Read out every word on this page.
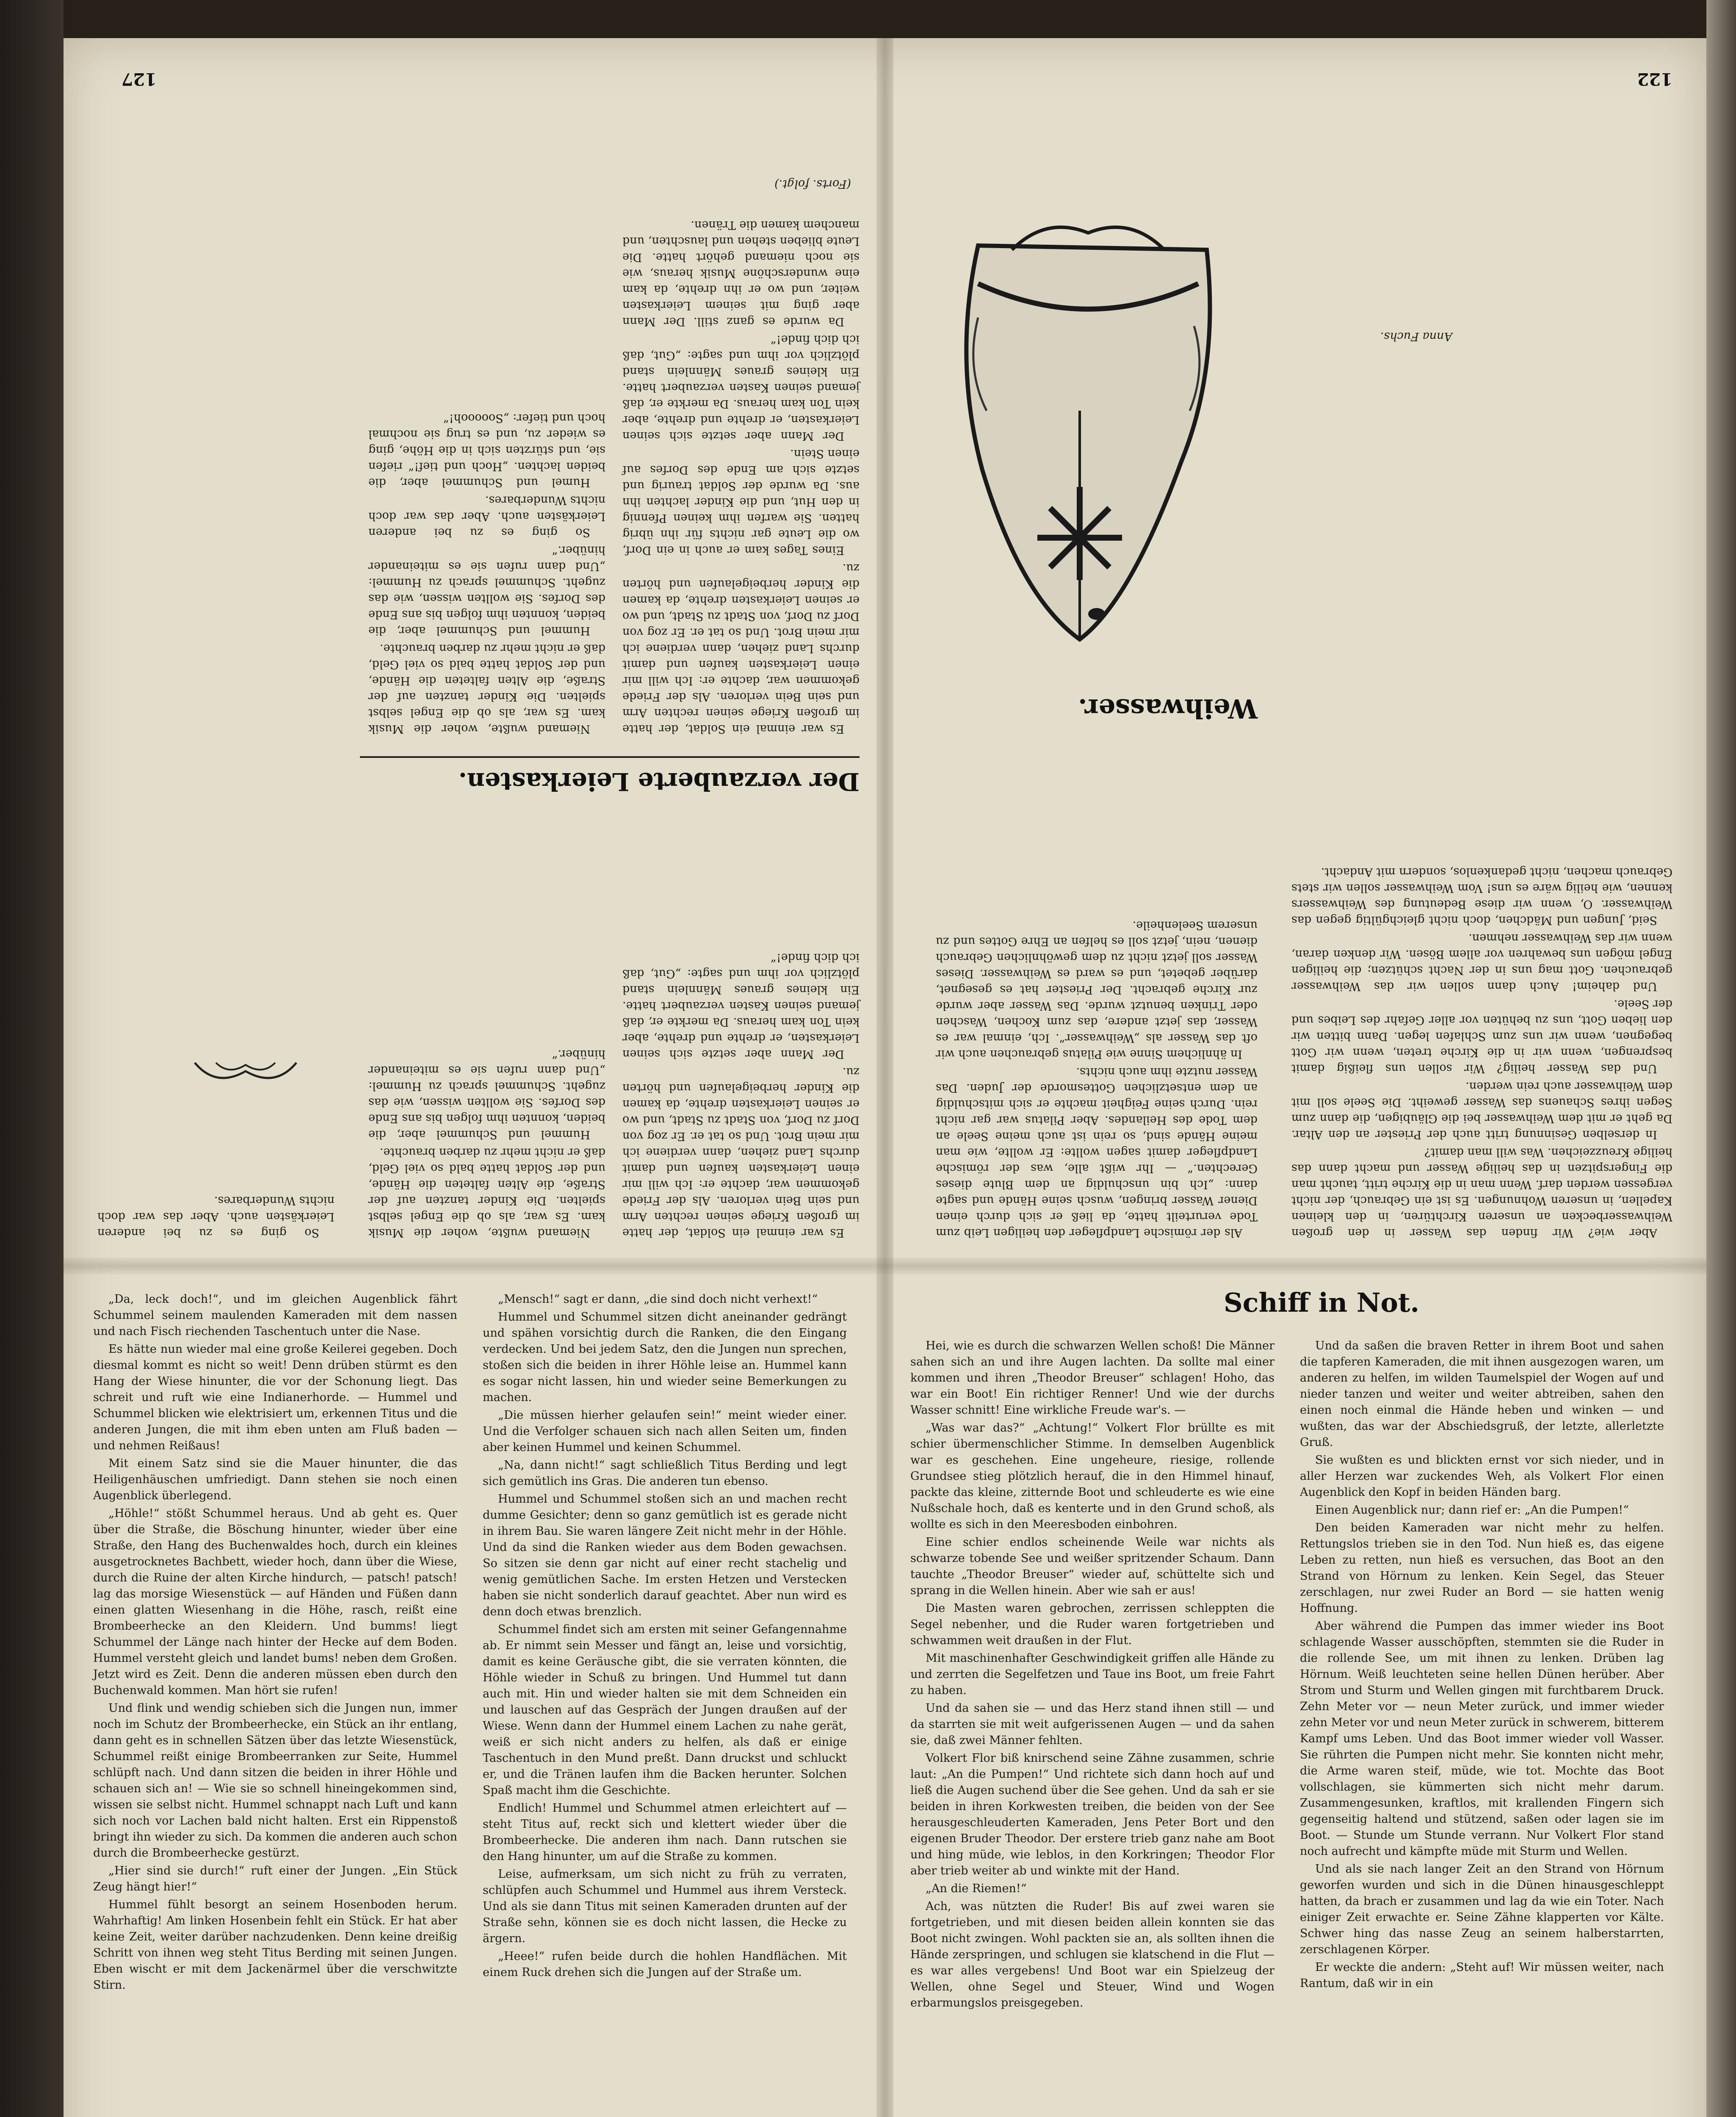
Der verzauberte Leierkasten.

Es war einmal ein Soldat, der hatte im großen Kriege seinen rechten Arm und sein Bein verloren. Als der Friede gekommen war, dachte er: Ich will mir einen Leierkasten kaufen und damit durchs Land ziehen, dann verdiene ich mir mein Brot. Und so tat er. Er zog von Dorf zu Dorf, von Stadt zu Stadt, und wo er seinen Leierkasten drehte, da kamen die Kinder herbeigelaufen und hörten zu.

Eines Tages kam er auch in ein Dorf, wo die Leute gar nichts für ihn übrig hatten. Sie warfen ihm keinen Pfennig in den Hut, und die Kinder lachten ihn aus. Da wurde der Soldat traurig und setzte sich am Ende des Dorfes auf einen Stein.

Der Mann aber setzte sich seinen Leierkasten, er drehte und drehte, aber kein Ton kam heraus. Da merkte er, daß jemand seinen Kasten verzaubert hatte. Ein kleines graues Männlein stand plötzlich vor ihm und sagte: „Gut, daß ich dich finde!“

Da wurde es ganz still. Der Mann aber ging mit seinem Leierkasten weiter, und wo er ihn drehte, da kam eine wunderschöne Musik heraus, wie sie noch niemand gehört hatte. Die Leute blieben stehen und lauschten, und manchem kamen die Tränen.

Niemand wußte, woher die Musik kam. Es war, als ob die Engel selbst spielten. Die Kinder tanzten auf der Straße, die Alten falteten die Hände, und der Soldat hatte bald so viel Geld, daß er nicht mehr zu darben brauchte.

Hummel und Schummel aber, die beiden, konnten ihm folgen bis ans Ende des Dorfes. Sie wollten wissen, wie das zugeht. Schummel sprach zu Hummel: „Und dann rufen sie es miteinander hinüber.“

So ging es zu bei anderen Leierkästen auch. Aber das war doch nichts Wunderbares.

Humel und Schummel aber, die beiden lachten. „Hoch und tief!“ riefen sie, und stürzten sich in die Höhe, ging es wieder zu, und es trug sie nochmal hoch und tiefer: „Soooooh!“

Es war einmal ein Soldat, der hatte im großen Kriege seinen rechten Arm und sein Bein verloren. Als der Friede gekommen war, dachte er: Ich will mir einen Leierkasten kaufen und damit durchs Land ziehen, dann verdiene ich mir mein Brot. Und so tat er. Er zog von Dorf zu Dorf, von Stadt zu Stadt, und wo er seinen Leierkasten drehte, da kamen die Kinder herbeigelaufen und hörten zu.

Der Mann aber setzte sich seinen Leierkasten, er drehte und drehte, aber kein Ton kam heraus. Da merkte er, daß jemand seinen Kasten verzaubert hatte. Ein kleines graues Männlein stand plötzlich vor ihm und sagte: „Gut, daß ich dich finde!“

Niemand wußte, woher die Musik kam. Es war, als ob die Engel selbst spielten. Die Kinder tanzten auf der Straße, die Alten falteten die Hände, und der Soldat hatte bald so viel Geld, daß er nicht mehr zu darben brauchte.

Hummel und Schummel aber, die beiden, konnten ihm folgen bis ans Ende des Dorfes. Sie wollten wissen, wie das zugeht. Schummel sprach zu Hummel: „Und dann rufen sie es miteinander hinüber.“

(Forts. folgt.)

So ging es zu bei anderen Leierkästen auch. Aber das war doch nichts Wunderbares.

127
Weihwasser.

Als der römische Landpfleger den heiligen Leib zum Tode verurteilt hatte, da ließ er sich durch einen Diener Wasser bringen, wusch seine Hände und sagte dann: „Ich bin unschuldig an dem Blute dieses Gerechten.“ — Ihr wißt alle, was der römische Landpfleger damit sagen wollte: Er wollte, wie man meine Hände sind, so rein ist auch meine Seele an dem Tode des Heilandes. Aber Pilatus war gar nicht rein. Durch seine Feigheit machte er sich mitschuldig an dem entsetzlichen Gottesmorde der Juden. Das Wasser nutzte ihm auch nichts.

In ähnlichem Sinne wie Pilatus gebrauchen auch wir oft das Wasser als „Weihwasser“. Ich, einmal war es Wasser, das jetzt andere, das zum Kochen, Waschen oder Trinken benutzt wurde. Das Wasser aber wurde zur Kirche gebracht. Der Priester hat es gesegnet, darüber gebetet, und es ward es Weihwasser. Dieses Wasser soll jetzt nicht zu dem gewöhnlichen Gebrauch dienen, nein, jetzt soll es helfen an Ehre Gottes und zu unserem Seelenheile.

Aber wie? Wir finden das Wasser in den großen Weihwasserbecken an unseren Kirchtüren, in den kleinen Kapellen, in unseren Wohnungen. Es ist ein Gebrauch, der nicht vergessen werden darf. Wenn man in die Kirche tritt, taucht man die Fingerspitzen in das heilige Wasser und macht dann das heilige Kreuzzeichen. Was will man damit?

In derselben Gesinnung tritt auch der Priester an den Altar. Da geht er mit dem Weihwasser bei die Gläubigen, die dann zum Segen ihres Schauens das Wasser geweiht. Die Seele soll mit dem Weihwasser auch rein werden.

Und das Wasser heilig? Wir sollen uns fleißig damit besprengen, wenn wir in die Kirche treten, wenn wir Gott begegnen, wenn wir uns zum Schlafen legen. Dann bitten wir den lieben Gott, uns zu behüten vor aller Gefahr des Leibes und der Seele.

Und daheim! Auch dann sollen wir das Weihwasser gebrauchen. Gott mag uns in der Nacht schützen; die heiligen Engel mögen uns bewahren vor allem Bösen. Wir denken daran, wenn wir das Weihwasser nehmen.

Seid, Jungen und Mädchen, doch nicht gleichgültig gegen das Weihwasser. O, wenn wir diese Bedeutung des Weihwassers kennen, wie heilig wäre es uns! Vom Weihwasser sollen wir stets Gebrauch machen, nicht gedankenlos, sondern mit Andacht.

Anna Fuchs.
122

„Da, leck doch!“, und im gleichen Augenblick fährt Schummel seinem maulenden Kameraden mit dem nassen und nach Fisch riechenden Taschentuch unter die Nase.

Es hätte nun wieder mal eine große Keilerei gegeben. Doch diesmal kommt es nicht so weit! Denn drüben stürmt es den Hang der Wiese hinunter, die vor der Schonung liegt. Das schreit und ruft wie eine Indianerhorde. — Hummel und Schummel blicken wie elektrisiert um, erkennen Titus und die anderen Jungen, die mit ihm eben unten am Fluß baden — und nehmen Reißaus!

Mit einem Satz sind sie die Mauer hinunter, die das Heiligenhäuschen umfriedigt. Dann stehen sie noch einen Augenblick überlegend.

„Höhle!“ stößt Schummel heraus. Und ab geht es. Quer über die Straße, die Böschung hinunter, wieder über eine Straße, den Hang des Buchenwaldes hoch, durch ein kleines ausgetrocknetes Bachbett, wieder hoch, dann über die Wiese, durch die Ruine der alten Kirche hindurch, — patsch! patsch! lag das morsige Wiesenstück — auf Händen und Füßen dann einen glatten Wiesenhang in die Höhe, rasch, reißt eine Brombeerhecke an den Kleidern. Und bumms! liegt Schummel der Länge nach hinter der Hecke auf dem Boden. Hummel versteht gleich und landet bums! neben dem Großen. Jetzt wird es Zeit. Denn die anderen müssen eben durch den Buchenwald kommen. Man hört sie rufen!

Und flink und wendig schieben sich die Jungen nun, immer noch im Schutz der Brombeerhecke, ein Stück an ihr entlang, dann geht es in schnellen Sätzen über das letzte Wiesenstück, Schummel reißt einige Brombeerranken zur Seite, Hummel schlüpft nach. Und dann sitzen die beiden in ihrer Höhle und schauen sich an! — Wie sie so schnell hineingekommen sind, wissen sie selbst nicht. Hummel schnappt nach Luft und kann sich noch vor Lachen bald nicht halten. Erst ein Rippenstoß bringt ihn wieder zu sich. Da kommen die anderen auch schon durch die Brombeerhecke gestürzt.

„Hier sind sie durch!“ ruft einer der Jungen. „Ein Stück Zeug hängt hier!“

Hummel fühlt besorgt an seinem Hosenboden herum. Wahrhaftig! Am linken Hosenbein fehlt ein Stück. Er hat aber keine Zeit, weiter darüber nachzudenken. Denn keine dreißig Schritt von ihnen weg steht Titus Berding mit seinen Jungen. Eben wischt er mit dem Jackenärmel über die verschwitzte Stirn.

„Mensch!“ sagt er dann, „die sind doch nicht verhext!“

Hummel und Schummel sitzen dicht aneinander gedrängt und spähen vorsichtig durch die Ranken, die den Eingang verdecken. Und bei jedem Satz, den die Jungen nun sprechen, stoßen sich die beiden in ihrer Höhle leise an. Hummel kann es sogar nicht lassen, hin und wieder seine Bemerkungen zu machen.

„Die müssen hierher gelaufen sein!“ meint wieder einer. Und die Verfolger schauen sich nach allen Seiten um, finden aber keinen Hummel und keinen Schummel.

„Na, dann nicht!“ sagt schließlich Titus Berding und legt sich gemütlich ins Gras. Die anderen tun ebenso.

Hummel und Schummel stoßen sich an und machen recht dumme Gesichter; denn so ganz gemütlich ist es gerade nicht in ihrem Bau. Sie waren längere Zeit nicht mehr in der Höhle. Und da sind die Ranken wieder aus dem Boden gewachsen. So sitzen sie denn gar nicht auf einer recht stachelig und wenig gemütlichen Sache. Im ersten Hetzen und Verstecken haben sie nicht sonderlich darauf geachtet. Aber nun wird es denn doch etwas brenzlich.

Schummel findet sich am ersten mit seiner Gefangennahme ab. Er nimmt sein Messer und fängt an, leise und vorsichtig, damit es keine Geräusche gibt, die sie verraten könnten, die Höhle wieder in Schuß zu bringen. Und Hummel tut dann auch mit. Hin und wieder halten sie mit dem Schneiden ein und lauschen auf das Gespräch der Jungen draußen auf der Wiese. Wenn dann der Hummel einem Lachen zu nahe gerät, weiß er sich nicht anders zu helfen, als daß er einige Taschentuch in den Mund preßt. Dann druckst und schluckt er, und die Tränen laufen ihm die Backen herunter. Solchen Spaß macht ihm die Geschichte.

Endlich! Hummel und Schummel atmen erleichtert auf — steht Titus auf, reckt sich und klettert wieder über die Brombeerhecke. Die anderen ihm nach. Dann rutschen sie den Hang hinunter, um auf die Straße zu kommen.

Leise, aufmerksam, um sich nicht zu früh zu verraten, schlüpfen auch Schummel und Hummel aus ihrem Versteck. Und als sie dann Titus mit seinen Kameraden drunten auf der Straße sehn, können sie es doch nicht lassen, die Hecke zu ärgern.

„Heee!“ rufen beide durch die hohlen Handflächen. Mit einem Ruck drehen sich die Jungen auf der Straße um.

Schiff in Not.

Hei, wie es durch die schwarzen Wellen schoß! Die Männer sahen sich an und ihre Augen lachten. Da sollte mal einer kommen und ihren „Theodor Breuser“ schlagen! Hoho, das war ein Boot! Ein richtiger Renner! Und wie der durchs Wasser schnitt! Eine wirkliche Freude war's. —

„Was war das?“ „Achtung!“ Volkert Flor brüllte es mit schier übermenschlicher Stimme. In demselben Augenblick war es geschehen. Eine ungeheure, riesige, rollende Grundsee stieg plötzlich herauf, die in den Himmel hinauf, packte das kleine, zitternde Boot und schleuderte es wie eine Nußschale hoch, daß es kenterte und in den Grund schoß, als wollte es sich in den Meeresboden einbohren.

Eine schier endlos scheinende Weile war nichts als schwarze tobende See und weißer spritzender Schaum. Dann tauchte „Theodor Breuser“ wieder auf, schüttelte sich und sprang in die Wellen hinein. Aber wie sah er aus!

Die Masten waren gebrochen, zerrissen schleppten die Segel nebenher, und die Ruder waren fortgetrieben und schwammen weit draußen in der Flut.

Mit maschinenhafter Geschwindigkeit griffen alle Hände zu und zerrten die Segelfetzen und Taue ins Boot, um freie Fahrt zu haben.

Und da sahen sie — und das Herz stand ihnen still — und da starrten sie mit weit aufgerissenen Augen — und da sahen sie, daß zwei Männer fehlten.

Volkert Flor biß knirschend seine Zähne zusammen, schrie laut: „An die Pumpen!“ Und richtete sich dann hoch auf und ließ die Augen suchend über die See gehen. Und da sah er sie beiden in ihren Korkwesten treiben, die beiden von der See herausgeschleuderten Kameraden, Jens Peter Bort und den eigenen Bruder Theodor. Der erstere trieb ganz nahe am Boot und hing müde, wie leblos, in den Korkringen; Theodor Flor aber trieb weiter ab und winkte mit der Hand.

„An die Riemen!“

Ach, was nützten die Ruder! Bis auf zwei waren sie fortgetrieben, und mit diesen beiden allein konnten sie das Boot nicht zwingen. Wohl packten sie an, als sollten ihnen die Hände zerspringen, und schlugen sie klatschend in die Flut — es war alles vergebens! Und Boot war ein Spielzeug der Wellen, ohne Segel und Steuer, Wind und Wogen erbarmungslos preisgegeben.

Und da saßen die braven Retter in ihrem Boot und sahen die tapferen Kameraden, die mit ihnen ausgezogen waren, um anderen zu helfen, im wilden Taumelspiel der Wogen auf und nieder tanzen und weiter und weiter abtreiben, sahen den einen noch einmal die Hände heben und winken — und wußten, das war der Abschiedsgruß, der letzte, allerletzte Gruß.

Sie wußten es und blickten ernst vor sich nieder, und in aller Herzen war zuckendes Weh, als Volkert Flor einen Augenblick den Kopf in beiden Händen barg.

Einen Augenblick nur; dann rief er: „An die Pumpen!“

Den beiden Kameraden war nicht mehr zu helfen. Rettungslos trieben sie in den Tod. Nun hieß es, das eigene Leben zu retten, nun hieß es versuchen, das Boot an den Strand von Hörnum zu lenken. Kein Segel, das Steuer zerschlagen, nur zwei Ruder an Bord — sie hatten wenig Hoffnung.

Aber während die Pumpen das immer wieder ins Boot schlagende Wasser ausschöpften, stemmten sie die Ruder in die rollende See, um mit ihnen zu lenken. Drüben lag Hörnum. Weiß leuchteten seine hellen Dünen herüber. Aber Strom und Sturm und Wellen gingen mit furchtbarem Druck. Zehn Meter vor — neun Meter zurück, und immer wieder zehn Meter vor und neun Meter zurück in schwerem, bitterem Kampf ums Leben. Und das Boot immer wieder voll Wasser. Sie rührten die Pumpen nicht mehr. Sie konnten nicht mehr, die Arme waren steif, müde, wie tot. Mochte das Boot vollschlagen, sie kümmerten sich nicht mehr darum. Zusammengesunken, kraftlos, mit krallenden Fingern sich gegenseitig haltend und stützend, saßen oder lagen sie im Boot. — Stunde um Stunde verrann. Nur Volkert Flor stand noch aufrecht und kämpfte müde mit Sturm und Wellen.

Und als sie nach langer Zeit an den Strand von Hörnum geworfen wurden und sich in die Dünen hinausgeschleppt hatten, da brach er zusammen und lag da wie ein Toter. Nach einiger Zeit erwachte er. Seine Zähne klapperten vor Kälte. Schwer hing das nasse Zeug an seinem halberstarrten, zerschlagenen Körper.

Er weckte die andern: „Steht auf! Wir müssen weiter, nach Rantum, daß wir in ein
